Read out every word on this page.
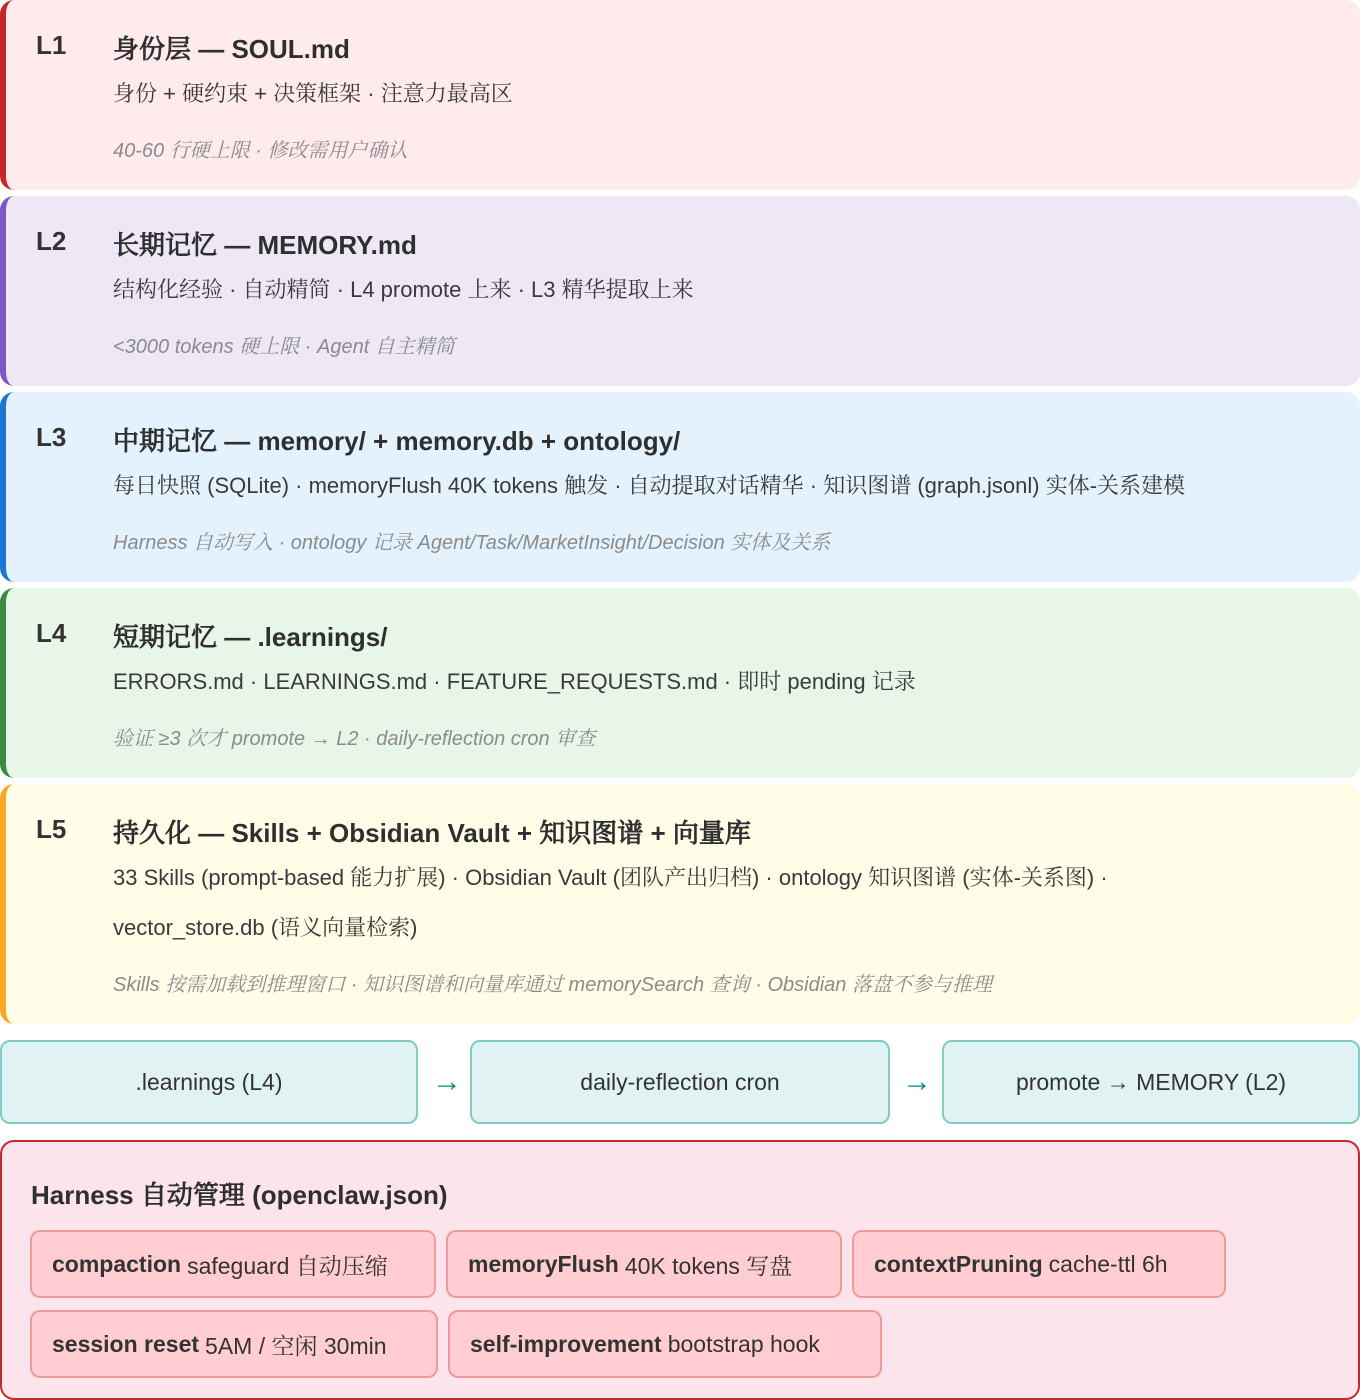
L1 身份层 — SOUL.md
身份 + 硬约束 + 决策框架 · 注意力最高区
40-60 行硬上限 · 修改需用户确认
L2 长期记忆 — MEMORY.md
结构化经验 · 自动精简 · L4 promote 上来 · L3 精华提取上来
<3000 tokens 硬上限 · Agent 自主精简
L3 中期记忆 — memory/ + memory.db + ontology/
每日快照 (SQLite) · memoryFlush 40K tokens 触发 · 自动提取对话精华 · 知识图谱 (graph.jsonl) 实体-关系建模
Harness 自动写入 · ontology 记录 Agent/Task/MarketInsight/Decision 实体及关系
L4 短期记忆 — .learnings/
ERRORS.md · LEARNINGS.md · FEATURE_REQUESTS.md · 即时 pending 记录
验证 ≥3 次才 promote → L2 · daily-reflection cron 审查
L5 持久化 — Skills + Obsidian Vault + 知识图谱 + 向量库
33 Skills (prompt-based 能力扩展) · Obsidian Vault (团队产出归档) · ontology 知识图谱 (实体-关系图) · vector_store.db (语义向量检索)
Skills 按需加载到推理窗口 · 知识图谱和向量库通过 memorySearch 查询 · Obsidian 落盘不参与推理
.learnings (L4)	→	daily-reflection cron	→	promote → MEMORY (L2)
Harness 自动管理 (openclaw.json)
compaction safeguard 自动压缩	memoryFlush 40K tokens 写盘	contextPruning cache-ttl 6h
session reset 5AM / 空闲 30min	self-improvement bootstrap hook
